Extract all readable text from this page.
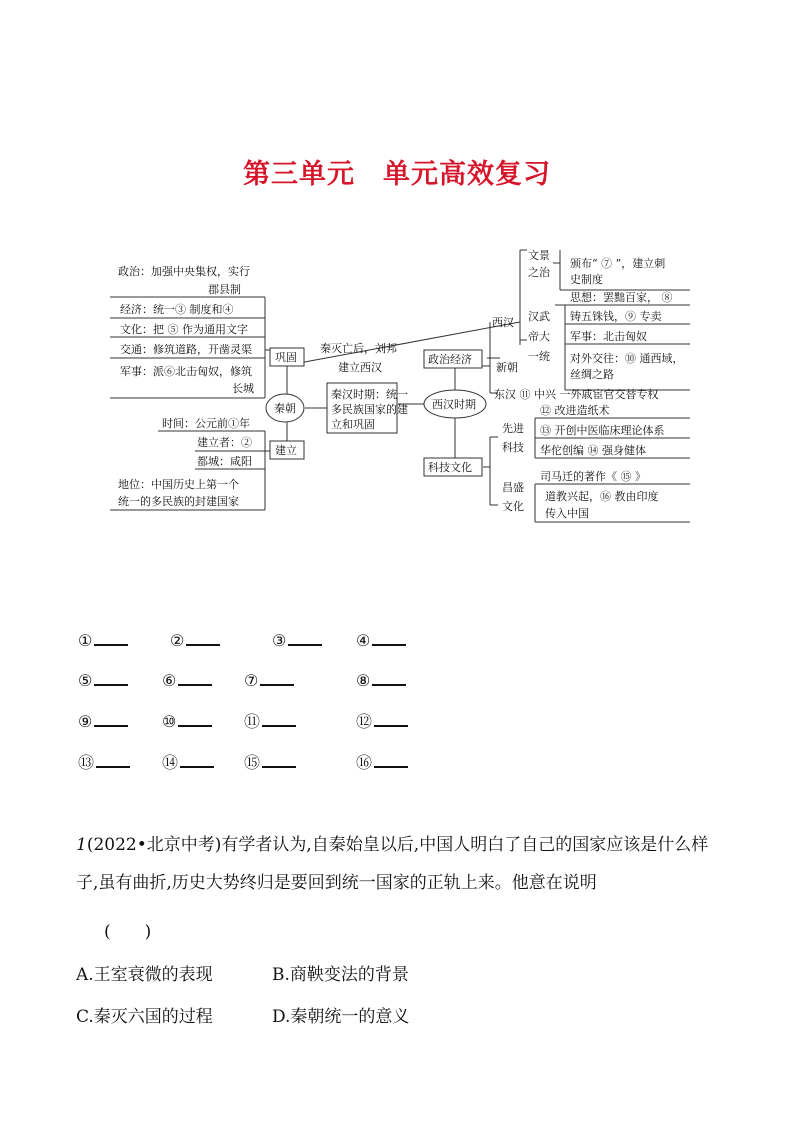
第三单元　单元高效复习
政治：加强中央集权，实行
郡县制
经济：统一③ 制度和④
文化：把 ⑤ 作为通用文字
交通：修筑道路，开凿灵渠
军事：派⑥北击匈奴，修筑
长城
时间：公元前①年
建立者：②
都城：咸阳
地位：中国历史上第一个
统一的多民族的封建国家
巩固
秦朝
建立
秦汉时期：统一
多民族国家的建
立和巩固
秦灭亡后，刘邦
建立西汉
政治经济
西汉时期
科技文化
西汉
新朝
东汉 ⑪ 中兴 一外戚宦官交替专权
文景
之治
颁布“ ⑦ ”，建立刺
史制度
汉武
帝大
一统
思想：罢黜百家， ⑧
铸五铢钱，⑨ 专卖
军事：北击匈奴
对外交往：⑩ 通西域，
丝绸之路
先进
科技
⑫ 改进造纸术
⑬ 开创中医临床理论体系
华佗创编 ⑭ 强身健体
昌盛
文化
司马迁的著作《 ⑮ 》
道教兴起，⑯ 教由印度
传入中国
①	②	③	④
⑤	⑥	⑦	⑧
⑨	⑩	⑪	⑫
⑬	⑭	⑮	⑯
1(2022•北京中考)有学者认为,自秦始皇以后,中国人明白了自己的国家应该是什么样子,虽有曲折,历史大势终归是要回到统一国家的正轨上来。他意在说明
(　　)
A.王室衰微的表现	B.商鞅变法的背景
C.秦灭六国的过程	D.秦朝统一的意义
